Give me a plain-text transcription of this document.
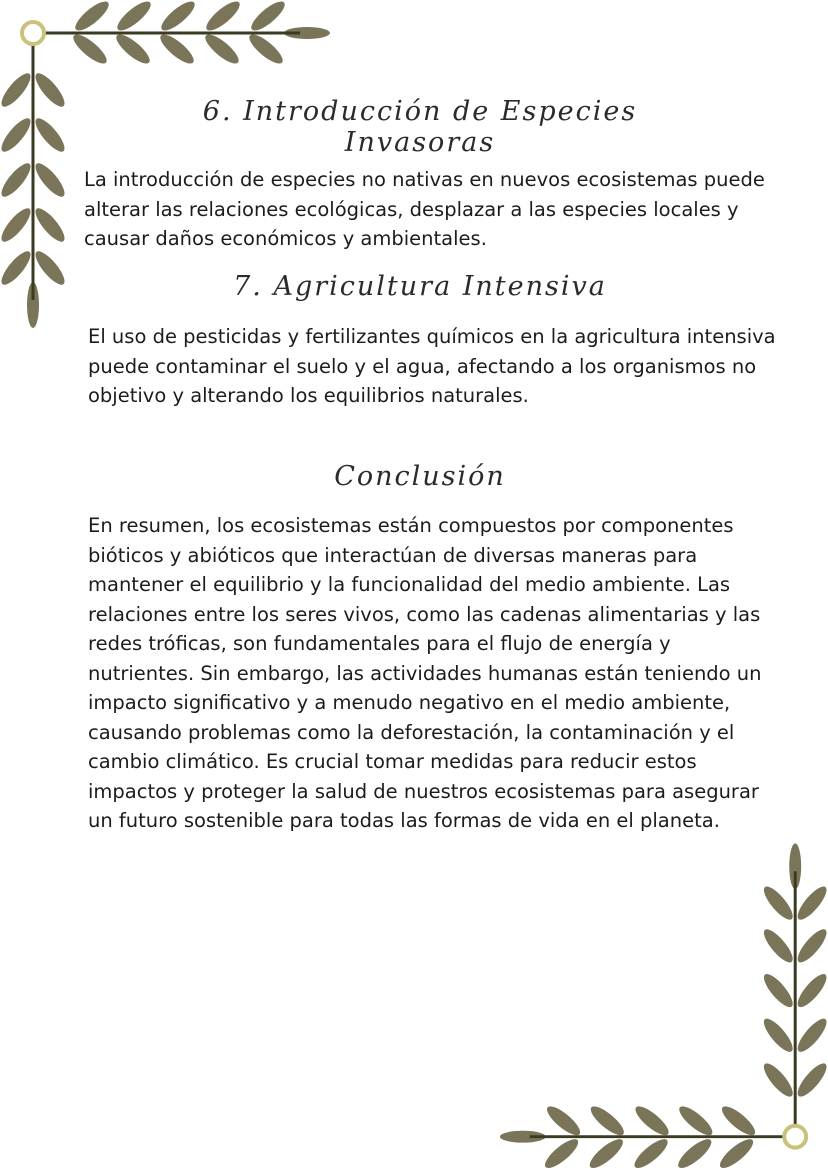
6. Introducción de Especies Invasoras

La introducción de especies no nativas en nuevos ecosistemas puede alterar las relaciones ecológicas, desplazar a las especies locales y causar daños económicos y ambientales.

7. Agricultura Intensiva

El uso de pesticidas y fertilizantes químicos en la agricultura intensiva puede contaminar el suelo y el agua, afectando a los organismos no objetivo y alterando los equilibrios naturales.

Conclusión

En resumen, los ecosistemas están compuestos por componentes bióticos y abióticos que interactúan de diversas maneras para mantener el equilibrio y la funcionalidad del medio ambiente. Las relaciones entre los seres vivos, como las cadenas alimentarias y las redes tróficas, son fundamentales para el flujo de energía y nutrientes. Sin embargo, las actividades humanas están teniendo un impacto significativo y a menudo negativo en el medio ambiente, causando problemas como la deforestación, la contaminación y el cambio climático. Es crucial tomar medidas para reducir estos impactos y proteger la salud de nuestros ecosistemas para asegurar un futuro sostenible para todas las formas de vida en el planeta.
